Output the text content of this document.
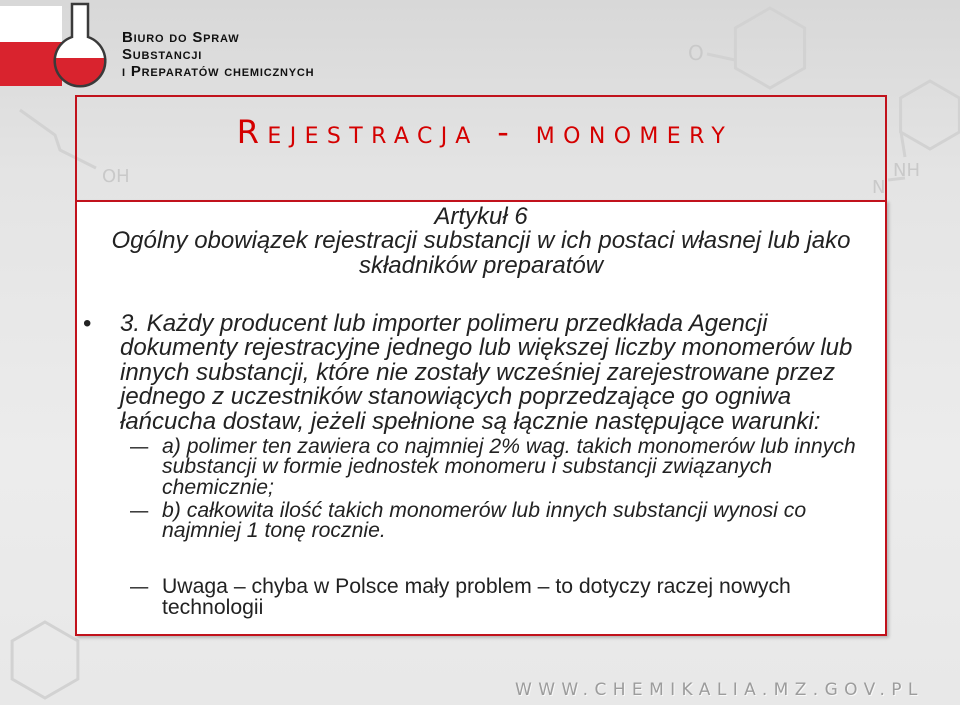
O
OH	NH
N
Biuro do Spraw
Substancji
i Preparatów chemicznych
Rejestracja - monomery
Artykuł 6
Ogólny obowiązek rejestracji substancji w ich postaci własnej lub jako
składników preparatów
• 3. Każdy producent lub importer polimeru przedkłada Agencji
dokumenty rejestracyjne jednego lub większej liczby monomerów lub
innych substancji, które nie zostały wcześniej zarejestrowane przez
jednego z uczestników stanowiących poprzedzające go ogniwa
łańcucha dostaw, jeżeli spełnione są łącznie następujące warunki:
– a) polimer ten zawiera co najmniej 2% wag. takich monomerów lub innych
substancji w formie jednostek monomeru i substancji związanych
chemicznie;
– b) całkowita ilość takich monomerów lub innych substancji wynosi co
najmniej 1 tonę rocznie.
– Uwaga – chyba w Polsce mały problem – to dotyczy raczej nowych
technologii
WWW.CHEMIKALIA.MZ.GOV.PL
